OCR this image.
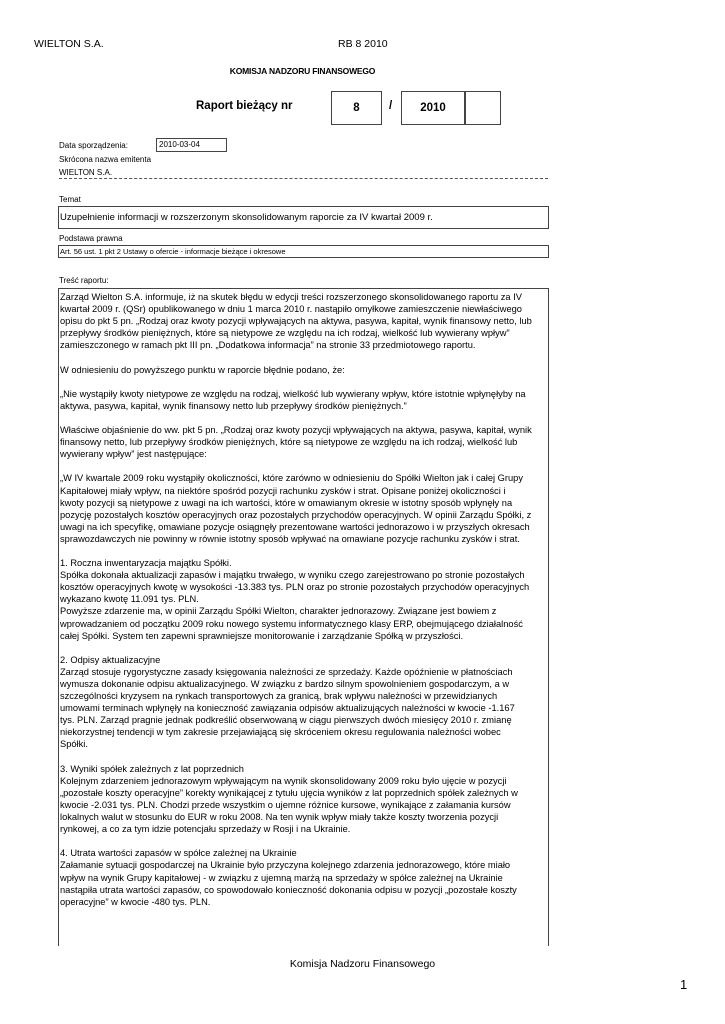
WIELTON S.A.	RB 8 2010
KOMISJA NADZORU FINANSOWEGO
Raport bieżący nr	8	/	2010
Data sporządzenia:	2010-03-04
Skrócona nazwa emitenta
WIELTON S.A.
Temat
Uzupełnienie informacji w rozszerzonym skonsolidowanym raporcie za IV kwartał 2009 r.
Podstawa prawna
Art. 56 ust. 1 pkt 2 Ustawy o ofercie - informacje bieżące i okresowe
Treść raportu:

Zarząd Wielton S.A. informuje, iż na skutek błędu w edycji treści rozszerzonego skonsolidowanego raportu za IV
kwartał 2009 r. (QSr) opublikowanego w dniu 1 marca 2010 r. nastąpiło omyłkowe zamieszczenie niewłaściwego
opisu do pkt 5 pn. „Rodzaj oraz kwoty pozycji wpływających na aktywa, pasywa, kapitał, wynik finansowy netto, lub
przepływy środków pieniężnych, które są nietypowe ze względu na ich rodzaj, wielkość lub wywierany wpływ”
zamieszczonego w ramach pkt III pn. „Dodatkowa informacja” na stronie 33 przedmiotowego raportu.

W odniesieniu do powyższego punktu w raporcie błędnie podano, że:

„Nie wystąpiły kwoty nietypowe ze względu na rodzaj, wielkość lub wywierany wpływ, które istotnie wpłynęłyby na
aktywa, pasywa, kapitał, wynik finansowy netto lub przepływy środków pieniężnych.”

Właściwe objaśnienie do ww. pkt 5 pn. „Rodzaj oraz kwoty pozycji wpływających na aktywa, pasywa, kapitał, wynik
finansowy netto, lub przepływy środków pieniężnych, które są nietypowe ze względu na ich rodzaj, wielkość lub
wywierany wpływ” jest następujące:

„W IV kwartale 2009 roku wystąpiły okoliczności, które zarówno w odniesieniu do Spółki Wielton jak i całej Grupy
Kapitałowej miały wpływ, na niektóre spośród pozycji rachunku zysków i strat. Opisane poniżej okoliczności i
kwoty pozycji są nietypowe z uwagi na ich wartości, które w omawianym okresie w istotny sposób wpłynęły na
pozycję pozostałych kosztów operacyjnych oraz pozostałych przychodów operacyjnych. W opinii Zarządu Spółki, z
uwagi na ich specyfikę, omawiane pozycje osiągnęły prezentowane wartości jednorazowo i w przyszłych okresach
sprawozdawczych nie powinny w równie istotny sposób wpływać na omawiane pozycje rachunku zysków i strat.

1. Roczna inwentaryzacja majątku Spółki.
Spółka dokonała aktualizacji zapasów i majątku trwałego, w wyniku czego zarejestrowano po stronie pozostałych
kosztów operacyjnych kwotę w wysokości -13.383 tys. PLN oraz po stronie pozostałych przychodów operacyjnych
wykazano kwotę 11.091 tys. PLN.
Powyższe zdarzenie ma, w opinii Zarządu Spółki Wielton, charakter jednorazowy. Związane jest bowiem z
wprowadzaniem od początku 2009 roku nowego systemu informatycznego klasy ERP, obejmującego działalność
całej Spółki. System ten zapewni sprawniejsze monitorowanie i zarządzanie Spółką w przyszłości.

2. Odpisy aktualizacyjne
Zarząd stosuje rygorystyczne zasady księgowania należności ze sprzedaży. Każde opóźnienie w płatnościach
wymusza dokonanie odpisu aktualizacyjnego. W związku z bardzo silnym spowolnieniem gospodarczym, a w
szczególności kryzysem na rynkach transportowych za granicą, brak wpływu należności w przewidzianych
umowami terminach wpłynęły na konieczność zawiązania odpisów aktualizujących należności w kwocie -1.167
tys. PLN. Zarząd pragnie jednak podkreślić obserwowaną w ciągu pierwszych dwóch miesięcy 2010 r. zmianę
niekorzystnej tendencji w tym zakresie przejawiającą się skróceniem okresu regulowania należności wobec
Spółki.

3. Wyniki spółek zależnych z lat poprzednich
Kolejnym zdarzeniem jednorazowym wpływającym na wynik skonsolidowany 2009 roku było ujęcie w pozycji
„pozostałe koszty operacyjne” korekty wynikającej z tytułu ujęcia wyników z lat poprzednich spółek zależnych w
kwocie -2.031 tys. PLN. Chodzi przede wszystkim o ujemne różnice kursowe, wynikające z załamania kursów
lokalnych walut w stosunku do EUR w roku 2008. Na ten wynik wpływ miały także koszty tworzenia pozycji
rynkowej, a co za tym idzie potencjału sprzedaży w Rosji i na Ukrainie.

4. Utrata wartości zapasów w spółce zależnej na Ukrainie
Załamanie sytuacji gospodarczej na Ukrainie było przyczyna kolejnego zdarzenia jednorazowego, które miało
wpływ na wynik Grupy kapitałowej - w związku z ujemną marżą na sprzedaży w spółce zależnej na Ukrainie
nastąpiła utrata wartości zapasów, co spowodowało konieczność dokonania odpisu w pozycji „pozostałe koszty
operacyjne” w kwocie -480 tys. PLN.

Komisja Nadzoru Finansowego
1
